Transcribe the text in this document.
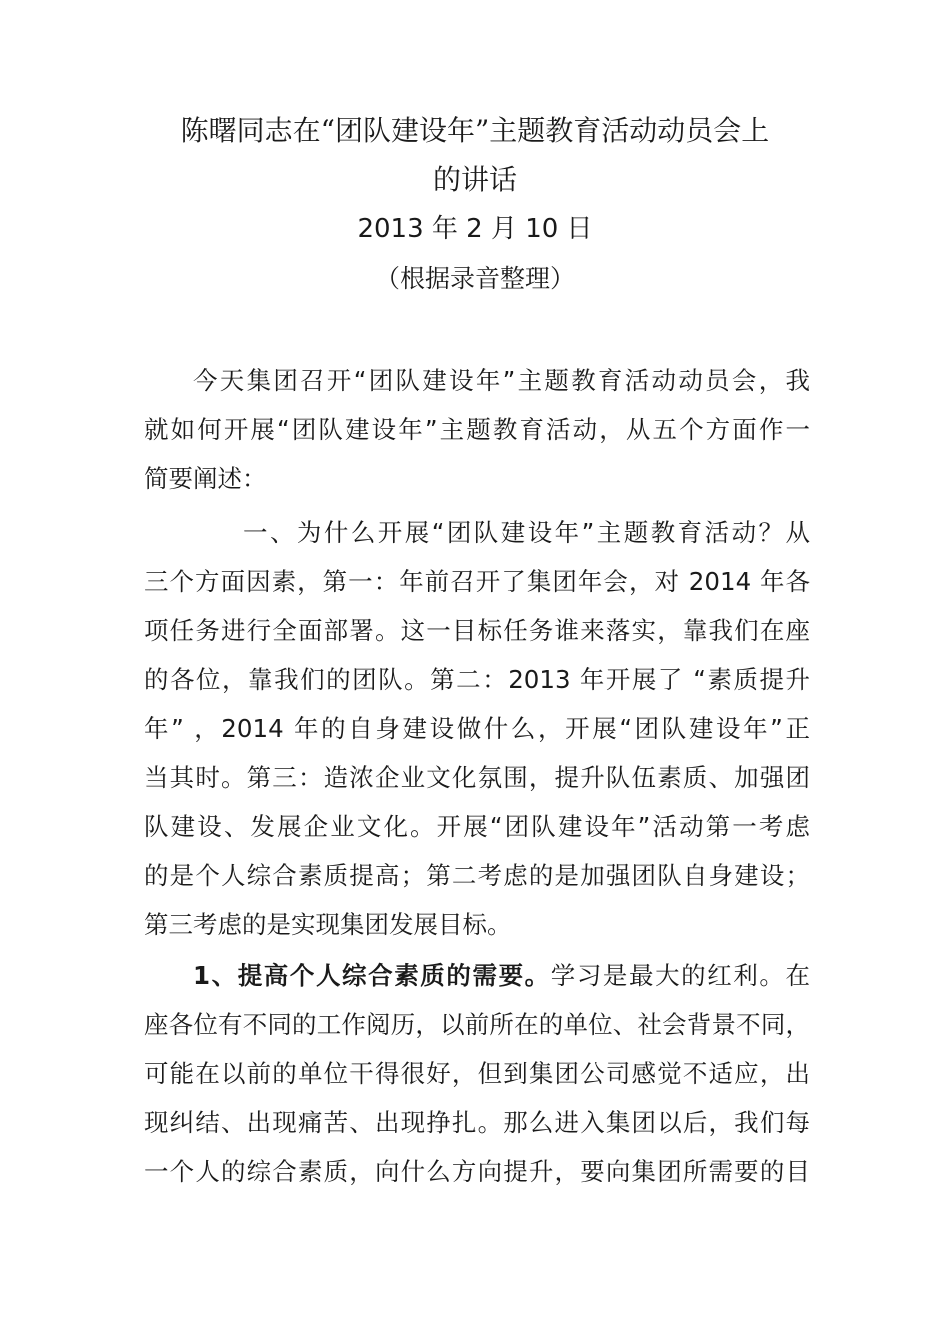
陈曙同志在“团队建设年”主题教育活动动员会上
的讲话
2013 年 2 月 10 日
（根据录音整理）
今天集团召开“团队建设年”主题教育活动动员会，我
就如何开展“团队建设年”主题教育活动，从五个方面作一
简要阐述：
一、为什么开展“团队建设年”主题教育活动？从
三个方面因素，第一：年前召开了集团年会，对 2014 年各
项任务进行全面部署。这一目标任务谁来落实，靠我们在座
的各位，靠我们的团队。第二：2013 年开展了 “素质提升
年” ，2014 年的自身建设做什么，开展“团队建设年”正
当其时。第三：造浓企业文化氛围，提升队伍素质、加强团
队建设、发展企业文化。开展“团队建设年”活动第一考虑
的是个人综合素质提高；第二考虑的是加强团队自身建设；
第三考虑的是实现集团发展目标。
1、提高个人综合素质的需要。学习是最大的红利。在
座各位有不同的工作阅历，以前所在的单位、社会背景不同，
可能在以前的单位干得很好，但到集团公司感觉不适应，出
现纠结、出现痛苦、出现挣扎。那么进入集团以后，我们每
一个人的综合素质，向什么方向提升，要向集团所需要的目
